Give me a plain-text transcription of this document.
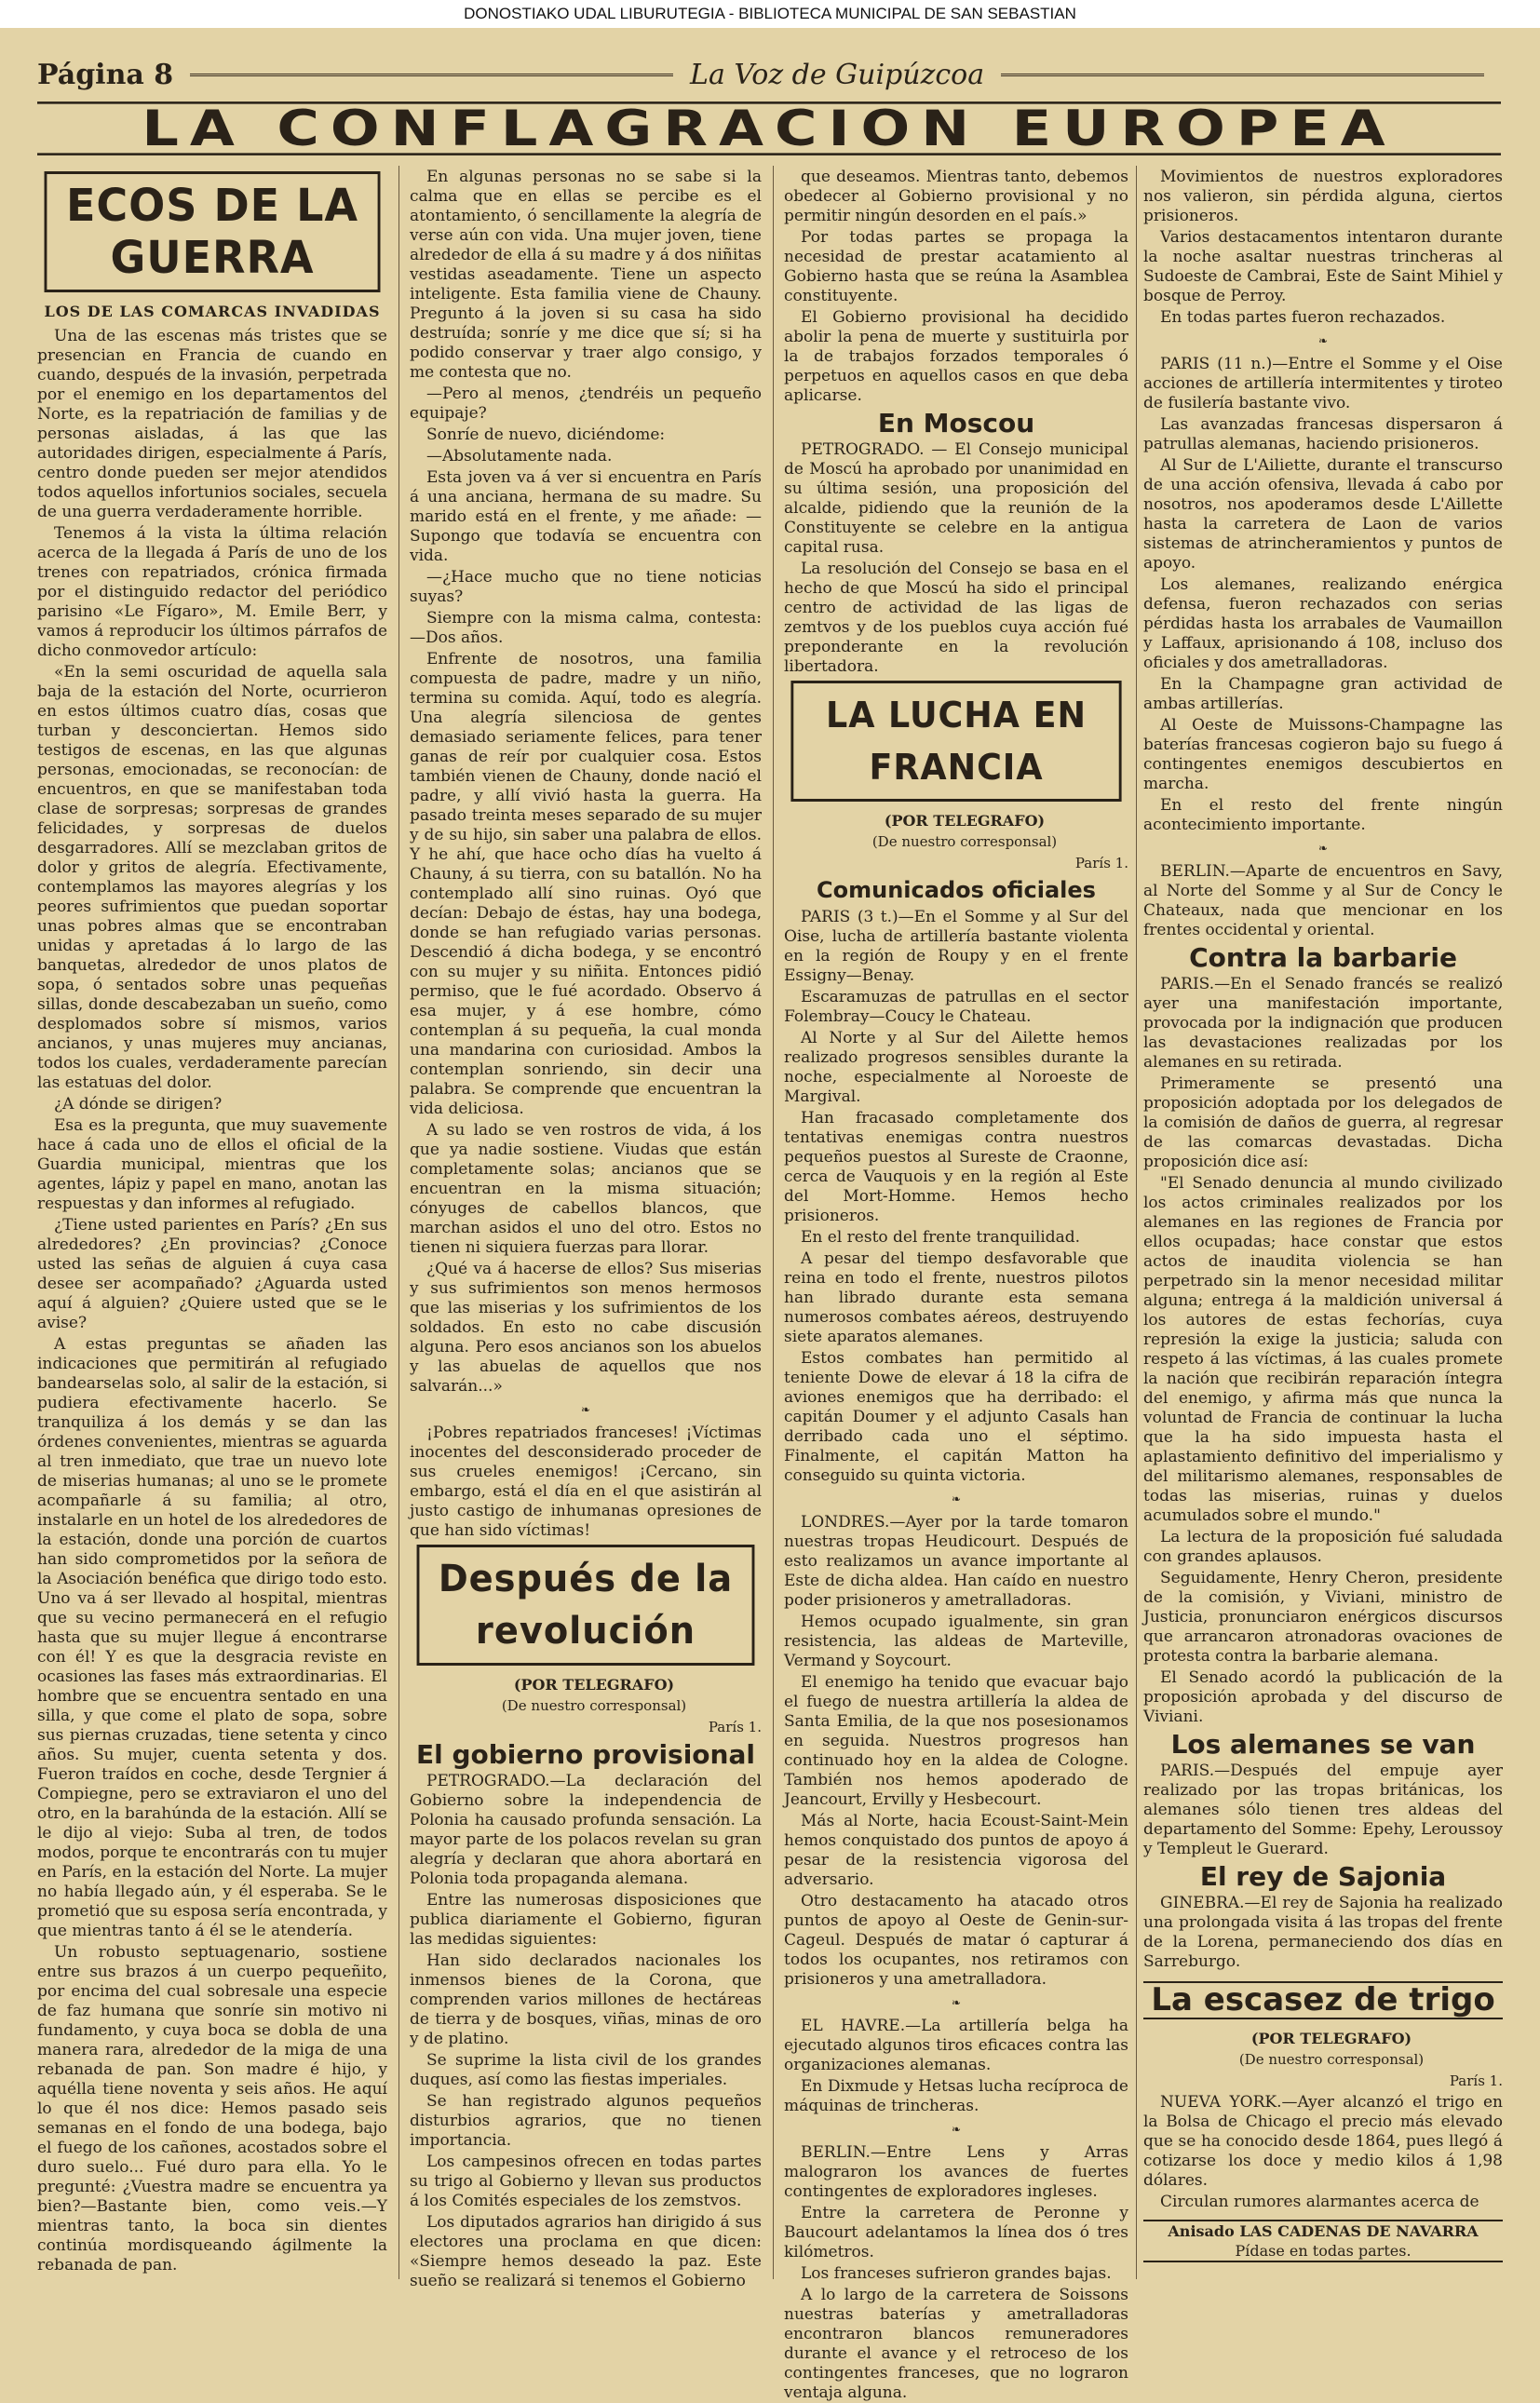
DONOSTIAKO UDAL LIBURUTEGIA - BIBLIOTECA MUNICIPAL DE SAN SEBASTIAN
Página 8	La Voz de Guipúzcoa
LA CONFLAGRACION EUROPEA
ECOS DE LA GUERRA
LOS DE LAS COMARCAS INVADIDAS

Una de las escenas más tristes que se presencian en Francia de cuando en cuando, después de la invasión, perpetrada por el enemigo en los departamentos del Norte, es la repatriación de familias y de personas aisladas, á las que las autoridades dirigen, especialmente á París, centro donde pueden ser mejor atendidos todos aquellos infortunios sociales, secuela de una guerra verdaderamente horrible.

Tenemos á la vista la última relación acerca de la llegada á París de uno de los trenes con repatriados, crónica firmada por el distinguido redactor del periódico parisino «Le Fígaro», M. Emile Berr, y vamos á reproducir los últimos párrafos de dicho conmovedor artículo:

«En la semi oscuridad de aquella sala baja de la estación del Norte, ocurrieron en estos últimos cuatro días, cosas que turban y desconciertan. Hemos sido testigos de escenas, en las que algunas personas, emocionadas, se reconocían: de encuentros, en que se manifestaban toda clase de sorpresas; sorpresas de grandes felicidades, y sorpresas de duelos desgarradores. Allí se mezclaban gritos de dolor y gritos de alegría. Efectivamente, contemplamos las mayores alegrías y los peores sufrimientos que puedan soportar unas pobres almas que se encontraban unidas y apretadas á lo largo de las banquetas, alrededor de unos platos de sopa, ó sentados sobre unas pequeñas sillas, donde descabezaban un sueño, como desplomados sobre sí mismos, varios ancianos, y unas mujeres muy ancianas, todos los cuales, verdaderamente parecían las estatuas del dolor.

¿A dónde se dirigen?

Esa es la pregunta, que muy suavemente hace á cada uno de ellos el oficial de la Guardia municipal, mientras que los agentes, lápiz y papel en mano, anotan las respuestas y dan informes al refugiado.

¿Tiene usted parientes en París? ¿En sus alrededores? ¿En provincias? ¿Conoce usted las señas de alguien á cuya casa desee ser acompañado? ¿Aguarda usted aquí á alguien? ¿Quiere usted que se le avise?

A estas preguntas se añaden las indicaciones que permitirán al refugiado bandearselas solo, al salir de la estación, si pudiera efectivamente hacerlo. Se tranquiliza á los demás y se dan las órdenes convenientes, mientras se aguarda al tren inmediato, que trae un nuevo lote de miserias humanas; al uno se le promete acompañarle á su familia; al otro, instalarle en un hotel de los alrededores de la estación, donde una porción de cuartos han sido comprometidos por la señora de la Asociación benéfica que dirigo todo esto. Uno va á ser llevado al hospital, mientras que su vecino permanecerá en el refugio hasta que su mujer llegue á encontrarse con él! Y es que la desgracia reviste en ocasiones las fases más extraordinarias. El hombre que se encuentra sentado en una silla, y que come el plato de sopa, sobre sus piernas cruzadas, tiene setenta y cinco años. Su mujer, cuenta setenta y dos. Fueron traídos en coche, desde Tergnier á Compiegne, pero se extraviaron el uno del otro, en la barahúnda de la estación. Allí se le dijo al viejo: Suba al tren, de todos modos, porque te encontrarás con tu mujer en París, en la estación del Norte. La mujer no había llegado aún, y él esperaba. Se le prometió que su esposa sería encontrada, y que mientras tanto á él se le atendería.

Un robusto septuagenario, sostiene entre sus brazos á un cuerpo pequeñito, por encima del cual sobresale una especie de faz humana que sonríe sin motivo ni fundamento, y cuya boca se dobla de una manera rara, alrededor de la miga de una rebanada de pan. Son madre é hijo, y aquélla tiene noventa y seis años. He aquí lo que él nos dice: Hemos pasado seis semanas en el fondo de una bodega, bajo el fuego de los cañones, acostados sobre el duro suelo... Fué duro para ella. Yo le pregunté: ¿Vuestra madre se encuentra ya bien?—Bastante bien, como veis.—Y mientras tanto, la boca sin dientes continúa mordisqueando ágilmente la rebanada de pan.

En algunas personas no se sabe si la calma que en ellas se percibe es el atontamiento, ó sencillamente la alegría de verse aún con vida. Una mujer joven, tiene alrededor de ella á su madre y á dos niñitas vestidas aseadamente. Tiene un aspecto inteligente. Esta familia viene de Chauny. Pregunto á la joven si su casa ha sido destruída; sonríe y me dice que sí; si ha podido conservar y traer algo consigo, y me contesta que no.

—Pero al menos, ¿tendréis un pequeño equipaje?

Sonríe de nuevo, diciéndome:

—Absolutamente nada.

Esta joven va á ver si encuentra en París á una anciana, hermana de su madre. Su marido está en el frente, y me añade: —Supongo que todavía se encuentra con vida.

—¿Hace mucho que no tiene noticias suyas?

Siempre con la misma calma, contesta: —Dos años.

Enfrente de nosotros, una familia compuesta de padre, madre y un niño, termina su comida. Aquí, todo es alegría. Una alegría silenciosa de gentes demasiado seriamente felices, para tener ganas de reír por cualquier cosa. Estos también vienen de Chauny, donde nació el padre, y allí vivió hasta la guerra. Ha pasado treinta meses separado de su mujer y de su hijo, sin saber una palabra de ellos. Y he ahí, que hace ocho días ha vuelto á Chauny, á su tierra, con su batallón. No ha contemplado allí sino ruinas. Oyó que decían: Debajo de éstas, hay una bodega, donde se han refugiado varias personas. Descendió á dicha bodega, y se encontró con su mujer y su niñita. Entonces pidió permiso, que le fué acordado. Observo á esa mujer, y á ese hombre, cómo contemplan á su pequeña, la cual monda una mandarina con curiosidad. Ambos la contemplan sonriendo, sin decir una palabra. Se comprende que encuentran la vida deliciosa.

A su lado se ven rostros de vida, á los que ya nadie sostiene. Viudas que están completamente solas; ancianos que se encuentran en la misma situación; cónyuges de cabellos blancos, que marchan asidos el uno del otro. Estos no tienen ni siquiera fuerzas para llorar.

¿Qué va á hacerse de ellos? Sus miserias y sus sufrimientos son menos hermosos que las miserias y los sufrimientos de los soldados. En esto no cabe discusión alguna. Pero esos ancianos son los abuelos y las abuelas de aquellos que nos salvarán...»

❧

¡Pobres repatriados franceses! ¡Víctimas inocentes del desconsiderado proceder de sus crueles enemigos! ¡Cercano, sin embargo, está el día en el que asistirán al justo castigo de inhumanas opresiones de que han sido víctimas!

Después de la revolución

(POR TELEGRAFO)

(De nuestro corresponsal)

París 1.

El gobierno provisional

PETROGRADO.—La declaración del Gobierno sobre la independencia de Polonia ha causado profunda sensación. La mayor parte de los polacos revelan su gran alegría y declaran que ahora abortará en Polonia toda propaganda alemana.

Entre las numerosas disposiciones que publica diariamente el Gobierno, figuran las medidas siguientes:

Han sido declarados nacionales los inmensos bienes de la Corona, que comprenden varios millones de hectáreas de tierra y de bosques, viñas, minas de oro y de platino.

Se suprime la lista civil de los grandes duques, así como las fiestas imperiales.

Se han registrado algunos pequeños disturbios agrarios, que no tienen importancia.

Los campesinos ofrecen en todas partes su trigo al Gobierno y llevan sus productos á los Comités especiales de los zemstvos.

Los diputados agrarios han dirigido á sus electores una proclama en que dicen: «Siempre hemos deseado la paz. Este sueño se realizará si tenemos el Gobierno

que deseamos. Mientras tanto, debemos obedecer al Gobierno provisional y no permitir ningún desorden en el país.»

Por todas partes se propaga la necesidad de prestar acatamiento al Gobierno hasta que se reúna la Asamblea constituyente.

El Gobierno provisional ha decidido abolir la pena de muerte y sustituirla por la de trabajos forzados temporales ó perpetuos en aquellos casos en que deba aplicarse.

En Moscou

PETROGRADO. — El Consejo municipal de Moscú ha aprobado por unanimidad en su última sesión, una proposición del alcalde, pidiendo que la reunión de la Constituyente se celebre en la antigua capital rusa.

La resolución del Consejo se basa en el hecho de que Moscú ha sido el principal centro de actividad de las ligas de zemtvos y de los pueblos cuya acción fué preponderante en la revolución libertadora.

LA LUCHA EN FRANCIA

(POR TELEGRAFO)

(De nuestro corresponsal)

París 1.

Comunicados oficiales

PARIS (3 t.)—En el Somme y al Sur del Oise, lucha de artillería bastante violenta en la región de Roupy y en el frente Essigny—Benay.

Escaramuzas de patrullas en el sector Folembray—Coucy le Chateau.

Al Norte y al Sur del Ailette hemos realizado progresos sensibles durante la noche, especialmente al Noroeste de Margival.

Han fracasado completamente dos tentativas enemigas contra nuestros pequeños puestos al Sureste de Craonne, cerca de Vauquois y en la región al Este del Mort-Homme. Hemos hecho prisioneros.

En el resto del frente tranquilidad.

A pesar del tiempo desfavorable que reina en todo el frente, nuestros pilotos han librado durante esta semana numerosos combates aéreos, destruyendo siete aparatos alemanes.

Estos combates han permitido al teniente Dowe de elevar á 18 la cifra de aviones enemigos que ha derribado: el capitán Doumer y el adjunto Casals han derribado cada uno el séptimo. Finalmente, el capitán Matton ha conseguido su quinta victoria.

❧

LONDRES.—Ayer por la tarde tomaron nuestras tropas Heudicourt. Después de esto realizamos un avance importante al Este de dicha aldea. Han caído en nuestro poder prisioneros y ametralladoras.

Hemos ocupado igualmente, sin gran resistencia, las aldeas de Marteville, Vermand y Soycourt.

El enemigo ha tenido que evacuar bajo el fuego de nuestra artillería la aldea de Santa Emilia, de la que nos posesionamos en seguida. Nuestros progresos han continuado hoy en la aldea de Cologne. También nos hemos apoderado de Jeancourt, Ervilly y Hesbecourt.

Más al Norte, hacia Ecoust-Saint-Mein hemos conquistado dos puntos de apoyo á pesar de la resistencia vigorosa del adversario.

Otro destacamento ha atacado otros puntos de apoyo al Oeste de Genin-sur-Cageul. Después de matar ó capturar á todos los ocupantes, nos retiramos con prisioneros y una ametralladora.

❧

EL HAVRE.—La artillería belga ha ejecutado algunos tiros eficaces contra las organizaciones alemanas.

En Dixmude y Hetsas lucha recíproca de máquinas de trincheras.

❧

BERLIN.—Entre Lens y Arras malograron los avances de fuertes contingentes de exploradores ingleses.

Entre la carretera de Peronne y Baucourt adelantamos la línea dos ó tres kilómetros.

Los franceses sufrieron grandes bajas.

A lo largo de la carretera de Soissons nuestras baterías y ametralladoras encontraron blancos remuneradores durante el avance y el retroceso de los contingentes franceses, que no lograron ventaja alguna.

Movimientos de nuestros exploradores nos valieron, sin pérdida alguna, ciertos prisioneros.

Varios destacamentos intentaron durante la noche asaltar nuestras trincheras al Sudoeste de Cambrai, Este de Saint Mihiel y bosque de Perroy.

En todas partes fueron rechazados.

❧

PARIS (11 n.)—Entre el Somme y el Oise acciones de artillería intermitentes y tiroteo de fusilería bastante vivo.

Las avanzadas francesas dispersaron á patrullas alemanas, haciendo prisioneros.

Al Sur de L'Ailiette, durante el transcurso de una acción ofensiva, llevada á cabo por nosotros, nos apoderamos desde L'Aillette hasta la carretera de Laon de varios sistemas de atrincheramientos y puntos de apoyo.

Los alemanes, realizando enérgica defensa, fueron rechazados con serias pérdidas hasta los arrabales de Vaumaillon y Laffaux, aprisionando á 108, incluso dos oficiales y dos ametralladoras.

En la Champagne gran actividad de ambas artillerías.

Al Oeste de Muissons-Champagne las baterías francesas cogieron bajo su fuego á contingentes enemigos descubiertos en marcha.

En el resto del frente ningún acontecimiento importante.

❧

BERLIN.—Aparte de encuentros en Savy, al Norte del Somme y al Sur de Concy le Chateaux, nada que mencionar en los frentes occidental y oriental.

Contra la barbarie

PARIS.—En el Senado francés se realizó ayer una manifestación importante, provocada por la indignación que producen las devastaciones realizadas por los alemanes en su retirada.

Primeramente se presentó una proposición adoptada por los delegados de la comisión de daños de guerra, al regresar de las comarcas devastadas. Dicha proposición dice así:

"El Senado denuncia al mundo civilizado los actos criminales realizados por los alemanes en las regiones de Francia por ellos ocupadas; hace constar que estos actos de inaudita violencia se han perpetrado sin la menor necesidad militar alguna; entrega á la maldición universal á los autores de estas fechorías, cuya represión la exige la justicia; saluda con respeto á las víctimas, á las cuales promete la nación que recibirán reparación íntegra del enemigo, y afirma más que nunca la voluntad de Francia de continuar la lucha que la ha sido impuesta hasta el aplastamiento definitivo del imperialismo y del militarismo alemanes, responsables de todas las miserias, ruinas y duelos acumulados sobre el mundo."

La lectura de la proposición fué saludada con grandes aplausos.

Seguidamente, Henry Cheron, presidente de la comisión, y Viviani, ministro de Justicia, pronunciaron enérgicos discursos que arrancaron atronadoras ovaciones de protesta contra la barbarie alemana.

El Senado acordó la publicación de la proposición aprobada y del discurso de Viviani.

Los alemanes se van

PARIS.—Después del empuje ayer realizado por las tropas británicas, los alemanes sólo tienen tres aldeas del departamento del Somme: Epehy, Leroussoy y Templeut le Guerard.

El rey de Sajonia

GINEBRA.—El rey de Sajonia ha realizado una prolongada visita á las tropas del frente de la Lorena, permaneciendo dos días en Sarreburgo.

La escasez de trigo

(POR TELEGRAFO)

(De nuestro corresponsal)

París 1.

NUEVA YORK.—Ayer alcanzó el trigo en la Bolsa de Chicago el precio más elevado que se ha conocido desde 1864, pues llegó á cotizarse los doce y medio kilos á 1,98 dólares.

Circulan rumores alarmantes acerca de

Anisado LAS CADENAS DE NAVARRA
Pídase en todas partes.
